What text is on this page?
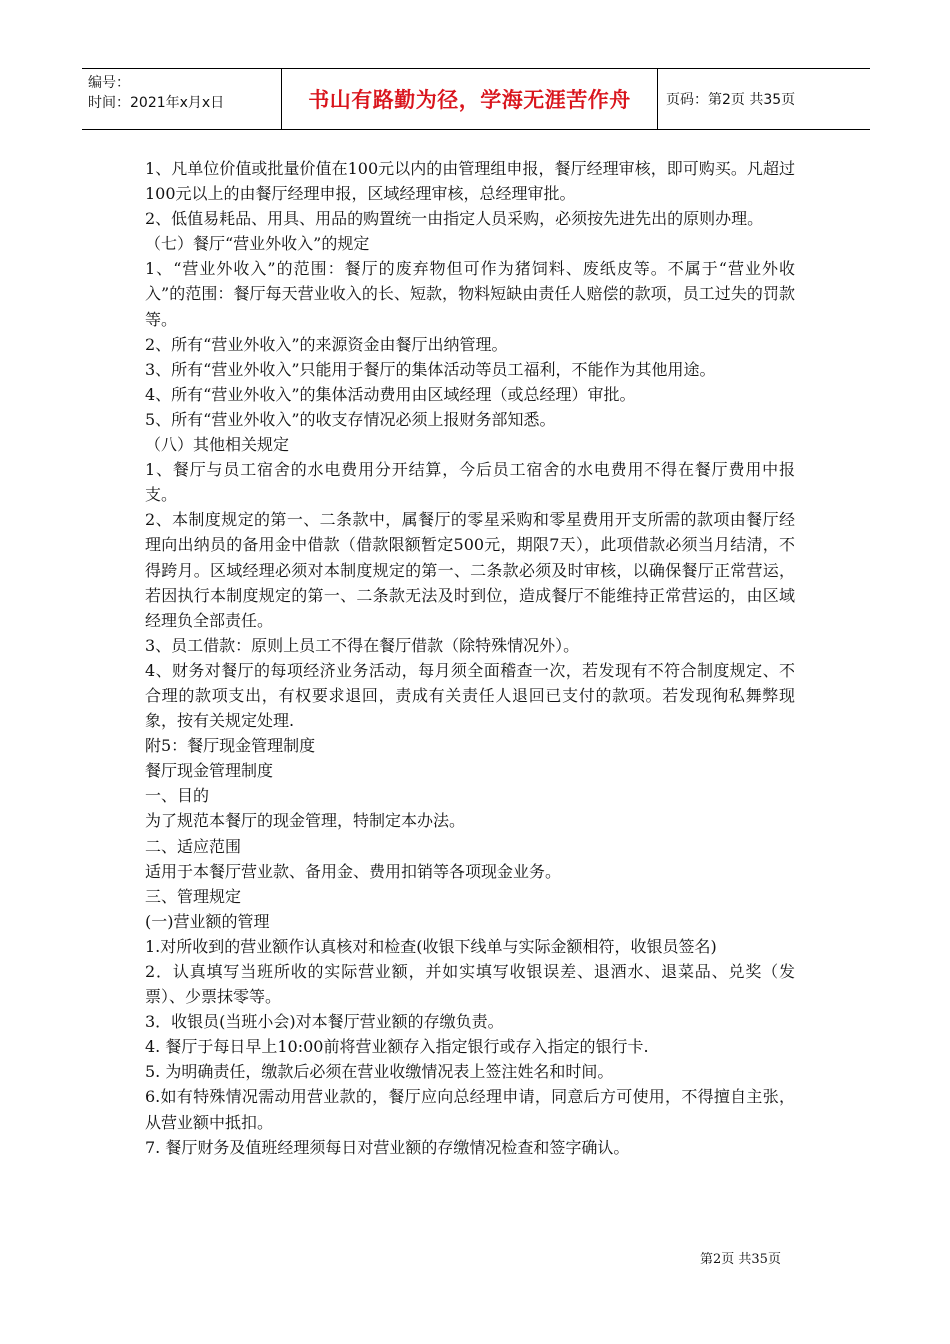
编号：
时间：2021年x月x日	书山有路勤为径，学海无涯苦作舟	页码：第2页 共35页

1、凡单位价值或批量价值在100元以内的由管理组申报，餐厅经理审核，即可购买。凡超过100元以上的由餐厅经理申报，区域经理审核，总经理审批。

2、低值易耗品、用具、用品的购置统一由指定人员采购，必须按先进先出的原则办理。

（七）餐厅“营业外收入”的规定

1、“营业外收入”的范围：餐厅的废弃物但可作为猪饲料、废纸皮等。不属于“营业外收入”的范围：餐厅每天营业收入的长、短款，物料短缺由责任人赔偿的款项，员工过失的罚款等。

2、所有“营业外收入”的来源资金由餐厅出纳管理。

3、所有“营业外收入”只能用于餐厅的集体活动等员工福利，不能作为其他用途。

4、所有“营业外收入”的集体活动费用由区域经理（或总经理）审批。

5、所有“营业外收入”的收支存情况必须上报财务部知悉。

（八）其他相关规定

1、餐厅与员工宿舍的水电费用分开结算，今后员工宿舍的水电费用不得在餐厅费用中报支。

2、本制度规定的第一、二条款中，属餐厅的零星采购和零星费用开支所需的款项由餐厅经理向出纳员的备用金中借款（借款限额暂定500元，期限7天），此项借款必须当月结清，不得跨月。区域经理必须对本制度规定的第一、二条款必须及时审核，以确保餐厅正常营运，若因执行本制度规定的第一、二条款无法及时到位，造成餐厅不能维持正常营运的，由区域经理负全部责任。

3、员工借款：原则上员工不得在餐厅借款（除特殊情况外）。

4、财务对餐厅的每项经济业务活动，每月须全面稽查一次，若发现有不符合制度规定、不合理的款项支出，有权要求退回，责成有关责任人退回已支付的款项。若发现徇私舞弊现象，按有关规定处理.

附5：餐厅现金管理制度

餐厅现金管理制度

一、目的

为了规范本餐厅的现金管理，特制定本办法。

二、适应范围

适用于本餐厅营业款、备用金、费用扣销等各项现金业务。

三、管理规定

(一)营业额的管理

1.对所收到的营业额作认真核对和检查(收银下线单与实际金额相符，收银员签名)

2．认真填写当班所收的实际营业额，并如实填写收银误差、退酒水、退菜品、兑奖（发票）、少票抹零等。

3．收银员(当班小会)对本餐厅营业额的存缴负责。

4. 餐厅于每日早上10:00前将营业额存入指定银行或存入指定的银行卡.

5. 为明确责任，缴款后必须在营业收缴情况表上签注姓名和时间。

6.如有特殊情况需动用营业款的，餐厅应向总经理申请，同意后方可使用，不得擅自主张，从营业额中抵扣。

7. 餐厅财务及值班经理须每日对营业额的存缴情况检查和签字确认。

第2页 共35页
